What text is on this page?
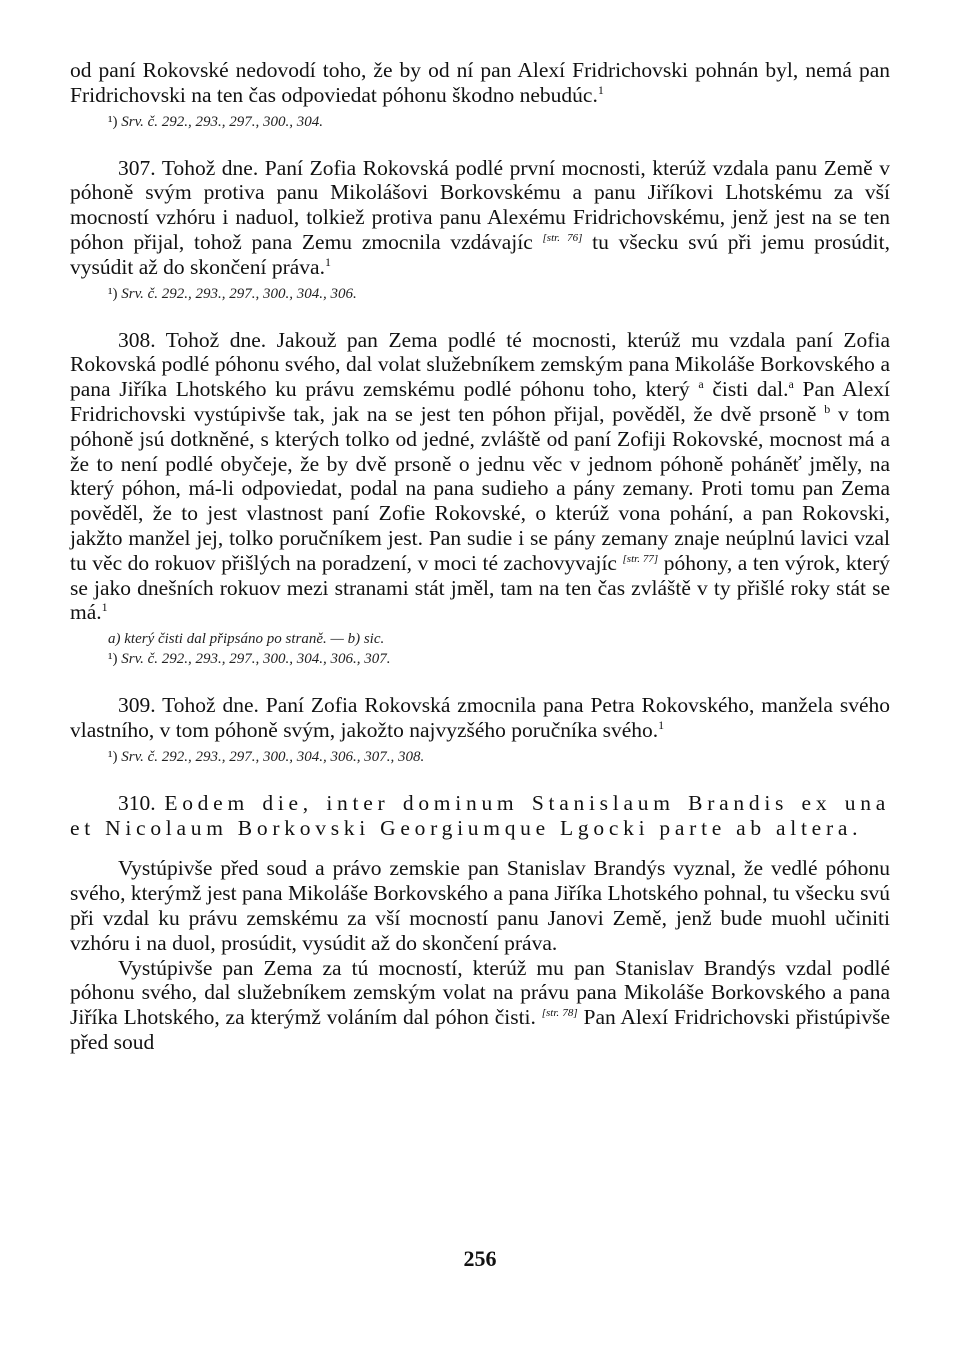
od paní Rokovské nedovodí toho, že by od ní pan Alexí Fridrichovski pohnán byl, nemá pan Fridrichovski na ten čas odpoviedat póhonu škodno nebudúc.$^1$

¹) Srv. č. 292., 293., 297., 300., 304.

307. Tohož dne. Paní Zofia Rokovská podlé první mocnosti, kterúž vzdala panu Země v póhoně svým protiva panu Mikolášovi Borkovskému a panu Jiříkovi Lhotskému za vší mocností vzhóru i naduol, tolkiež protiva panu Alexému Fridrichovskému, jenž jest na se ten póhon přijal, tohož pana Zemu zmocnila vzdávajíc [str. 76] tu všecku svú při jemu prosúdit, vysúdit až do skončení práva.$^1$

¹) Srv. č. 292., 293., 297., 300., 304., 306.

308. Tohož dne. Jakouž pan Zema podlé té mocnosti, kterúž mu vzdala paní Zofia Rokovská podlé póhonu svého, dal volat služebníkem zemským pana Mikoláše Borkovského a pana Jiříka Lhotského ku právu zemskému podlé póhonu toho, který $^a$ čisti dal.$^a$ Pan Alexí Fridrichovski vystúpivše tak, jak na se jest ten póhon přijal, pověděl, že dvě prsoně $^b$ v tom póhoně jsú dotkněné, s kterých tolko od jedné, zvláště od paní Zofiji Rokovské, mocnost má a že to není podlé obyčeje, že by dvě prsoně o jednu věc v jednom póhoně poháněť jměly, na který póhon, má-li odpoviedat, podal na pana sudieho a pány zemany. Proti tomu pan Zema pověděl, že to jest vlastnost paní Zofie Rokovské, o kterúž vona pohání, a pan Rokovski, jakžto manžel jej, tolko poručníkem jest. Pan sudie i se pány zemany znaje neúplnú lavici vzal tu věc do rokuov přišlých na poradzení, v moci té zachovyvajíc [str. 77] póhony, a ten výrok, který se jako dnešních rokuov mezi stranami stát jměl, tam na ten čas zvláště v ty přišlé roky stát se má.$^1$

a) který čisti dal připsáno po straně. — b) sic.
¹) Srv. č. 292., 293., 297., 300., 304., 306., 307.

309. Tohož dne. Paní Zofia Rokovská zmocnila pana Petra Rokovského, manžela svého vlastního, v tom póhoně svým, jakožto najvyzšého poručníka svého.$^1$

¹) Srv. č. 292., 293., 297., 300., 304., 306., 307., 308.

310. Eodem die, inter dominum Stanislaum Brandis ex una et Nicolaum Borkovski Georgiumque Lgocki parte ab altera.

Vystúpivše před soud a právo zemskie pan Stanislav Brandýs vyznal, že vedlé póhonu svého, kterýmž jest pana Mikoláše Borkovského a pana Jiříka Lhotského pohnal, tu všecku svú při vzdal ku právu zemskému za vší mocností panu Janovi Země, jenž bude muohl učiniti vzhóru i na duol, prosúdit, vysúdit až do skončení práva.

Vystúpivše pan Zema za tú mocností, kterúž mu pan Stanislav Brandýs vzdal podlé póhonu svého, dal služebníkem zemským volat na právu pana Mikoláše Borkovského a pana Jiříka Lhotského, za kterýmž voláním dal póhon čisti. [str. 78] Pan Alexí Fridrichovski přistúpivše před soud

256
